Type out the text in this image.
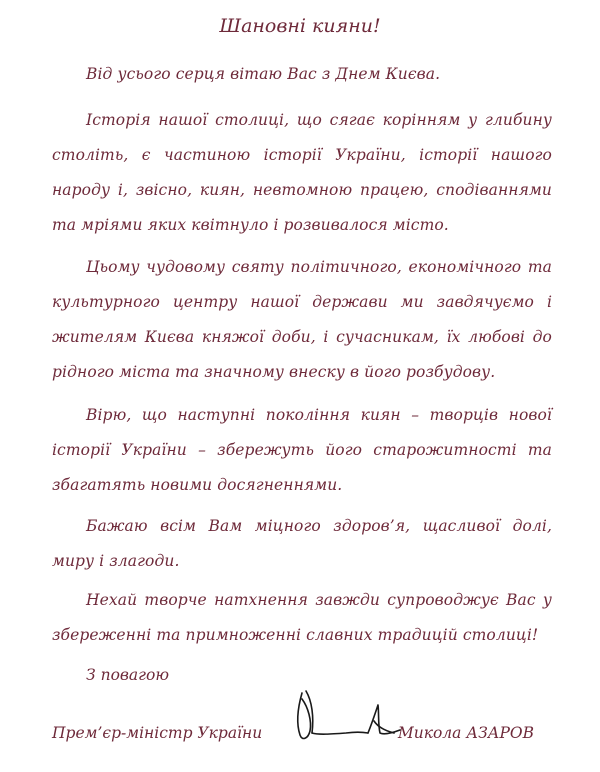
Шановні кияни!

Від усього серця вітаю Вас з Днем Києва.

Історія нашої столиці, що сягає корінням у глибину століть, є частиною історії України, історії нашого народу і, звісно, киян, невтомною працею, сподіваннями та мріями яких квітнуло і розвивалося місто.

Цьому чудовому святу політичного, економічного та культурного центру нашої держави ми завдячуємо і жителям Києва княжої доби, і сучасникам, їх любові до рідного міста та значному внеску в його розбудову.

Вірю, що наступні покоління киян – творців нової історії України – збережуть його старожитності та збагатять новими досягненнями.

Бажаю всім Вам міцного здоров’я, щасливої долі, миру і злагоди.

Нехай творче натхнення завжди супроводжує Вас у збереженні та примноженні славних традицій столиці!

З повагою

Прем’єр-міністр України	Микола АЗАРОВ
